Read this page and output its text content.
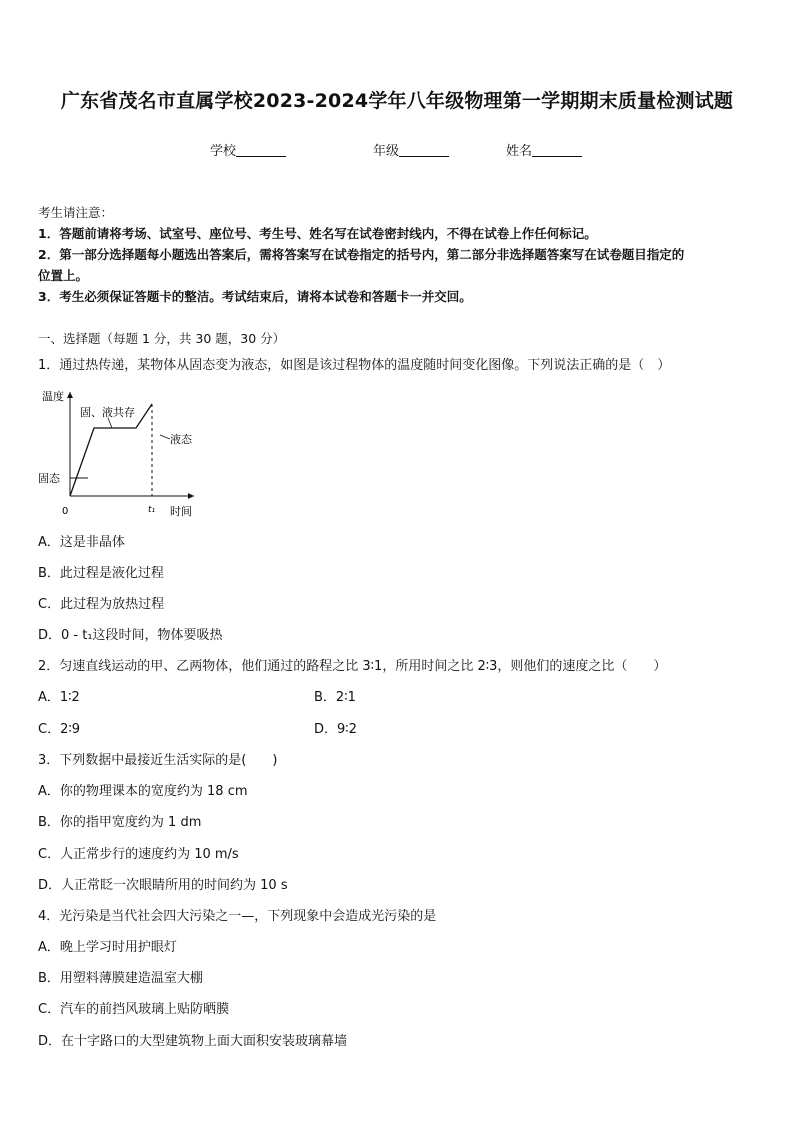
广东省茂名市直属学校2023-2024学年八年级物理第一学期期末质量检测试题
学校	年级	姓名
考生请注意：
1．答题前请将考场、试室号、座位号、考生号、姓名写在试卷密封线内，不得在试卷上作任何标记。
2．第一部分选择题每小题选出答案后，需将答案写在试卷指定的括号内，第二部分非选择题答案写在试卷题目指定的
位置上。
3．考生必须保证答题卡的整洁。考试结束后，请将本试卷和答题卡一并交回。
一、选择题（每题 1 分，共 30 题，30 分）
1．通过热传递，某物体从固态变为液态，如图是该过程物体的温度随时间变化图像。下列说法正确的是（　）
温度
固态
固、液共存
液态
0	t₁ 时间
A．这是非晶体
B．此过程是液化过程
C．此过程为放热过程
D．0 - t₁这段时间，物体要吸热
2．匀速直线运动的甲、乙两物体，他们通过的路程之比 3∶1，所用时间之比 2∶3，则他们的速度之比（　　）
A．1∶2	B．2∶1
C．2∶9	D．9∶2
3．下列数据中最接近生活实际的是(　　)
A．你的物理课本的宽度约为 18 cm
B．你的指甲宽度约为 1 dm
C．人正常步行的速度约为 10 m/s
D．人正常眨一次眼睛所用的时间约为 10 s
4．光污染是当代社会四大污染之一—，下列现象中会造成光污染的是
A．晚上学习时用护眼灯
B．用塑料薄膜建造温室大棚
C．汽车的前挡风玻璃上贴防晒膜
D．在十字路口的大型建筑物上面大面积安装玻璃幕墙
